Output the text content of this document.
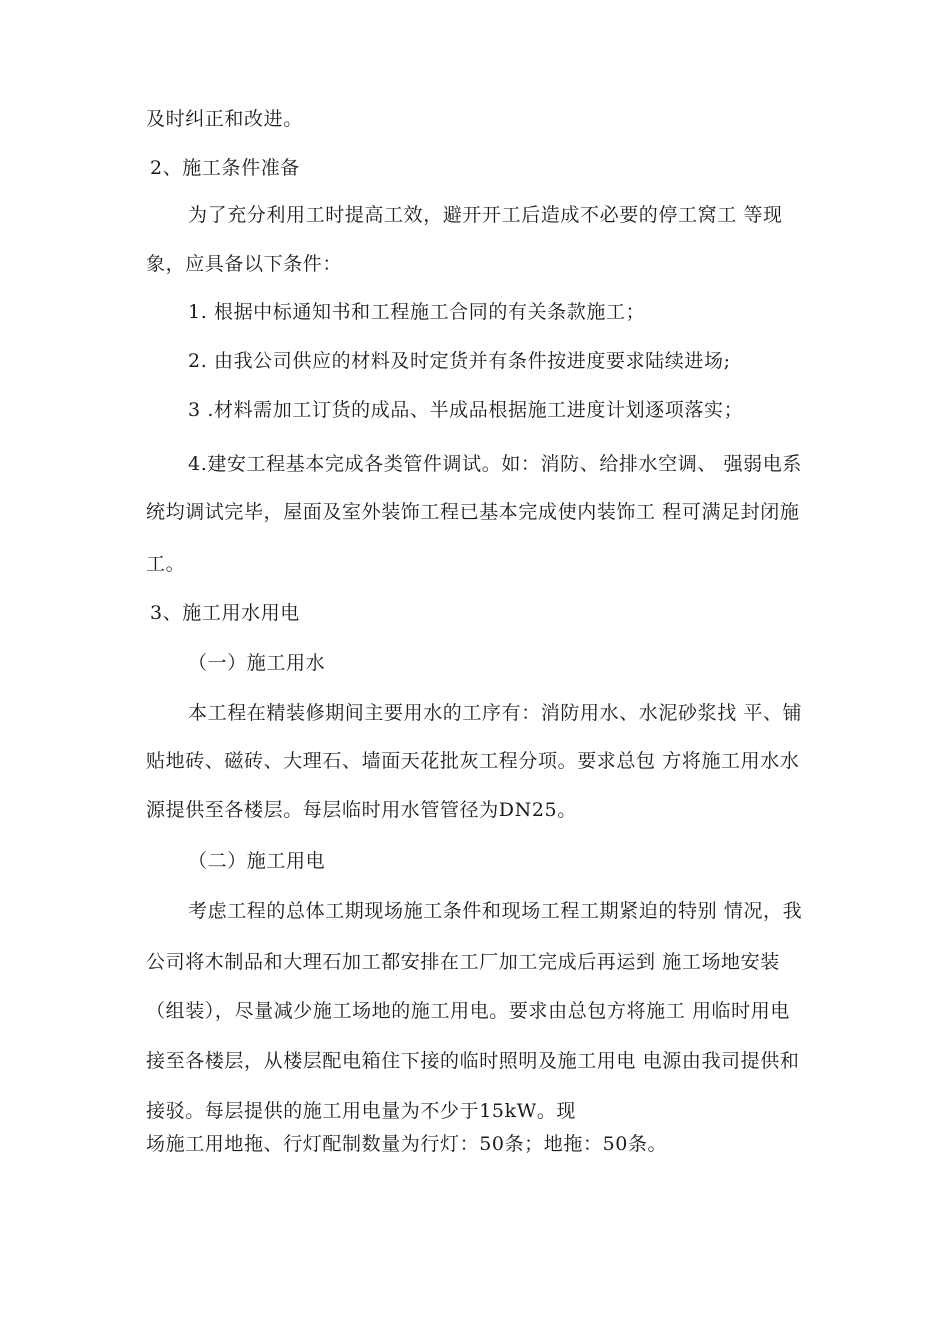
及时纠正和改进。
2、施工条件准备
为了充分利用工时提高工效，避开开工后造成不必要的停工窝工 等现
象，应具备以下条件：
1. 根据中标通知书和工程施工合同的有关条款施工；
2. 由我公司供应的材料及时定货并有条件按进度要求陆续进场;
3 .材料需加工订货的成品、半成品根据施工进度计划逐项落实；
4.建安工程基本完成各类管件调试。如：消防、给排水空调、 强弱电系
统均调试完毕，屋面及室外装饰工程已基本完成使内装饰工 程可满足封闭施
工。
3、施工用水用电
（一）施工用水
本工程在精装修期间主要用水的工序有：消防用水、水泥砂浆找 平、铺
贴地砖、磁砖、大理石、墙面天花批灰工程分项。要求总包 方将施工用水水
源提供至各楼层。每层临时用水管管径为DN25。
（二）施工用电
考虑工程的总体工期现场施工条件和现场工程工期紧迫的特别 情况，我
公司将木制品和大理石加工都安排在工厂加工完成后再运到 施工场地安装
（组装），尽量减少施工场地的施工用电。要求由总包方将施工 用临时用电
接至各楼层，从楼层配电箱住下接的临时照明及施工用电 电源由我司提供和
接驳。每层提供的施工用电量为不少于15kW。现
场施工用地拖、行灯配制数量为行灯：50条；地拖：50条。
